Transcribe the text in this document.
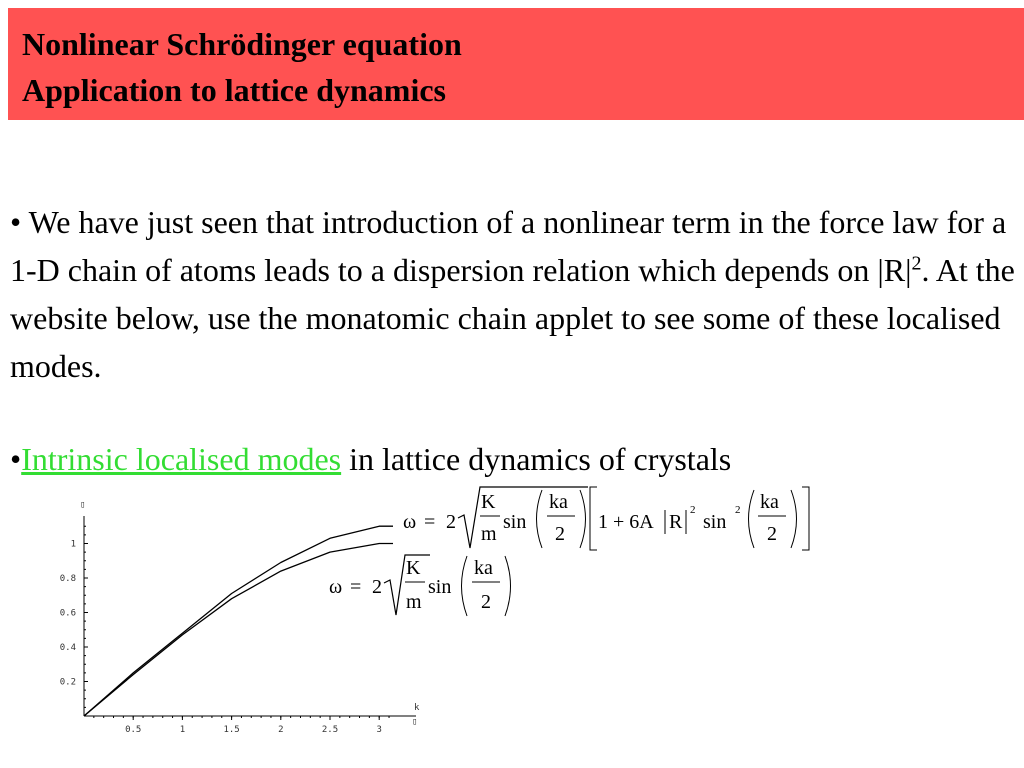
Nonlinear Schrödinger equation
Application to lattice dynamics
• We have just seen that introduction of a nonlinear term in the force law for a 1-D chain of atoms leads to a dispersion relation which depends on $|R|^2$. At the website below, use the monatomic chain applet to see some of these localised modes.
•Intrinsic localised modes in lattice dynamics of crystals
ω = 2
K
m
sin
ka
2
1 + 6A R
2
sin
2 ka
2
ω = 2
K
m
sin
ka
2
▯
k
▯
0.5	1	1.5	2	2.5	3
0.2
0.4
0.6
0.8
1
